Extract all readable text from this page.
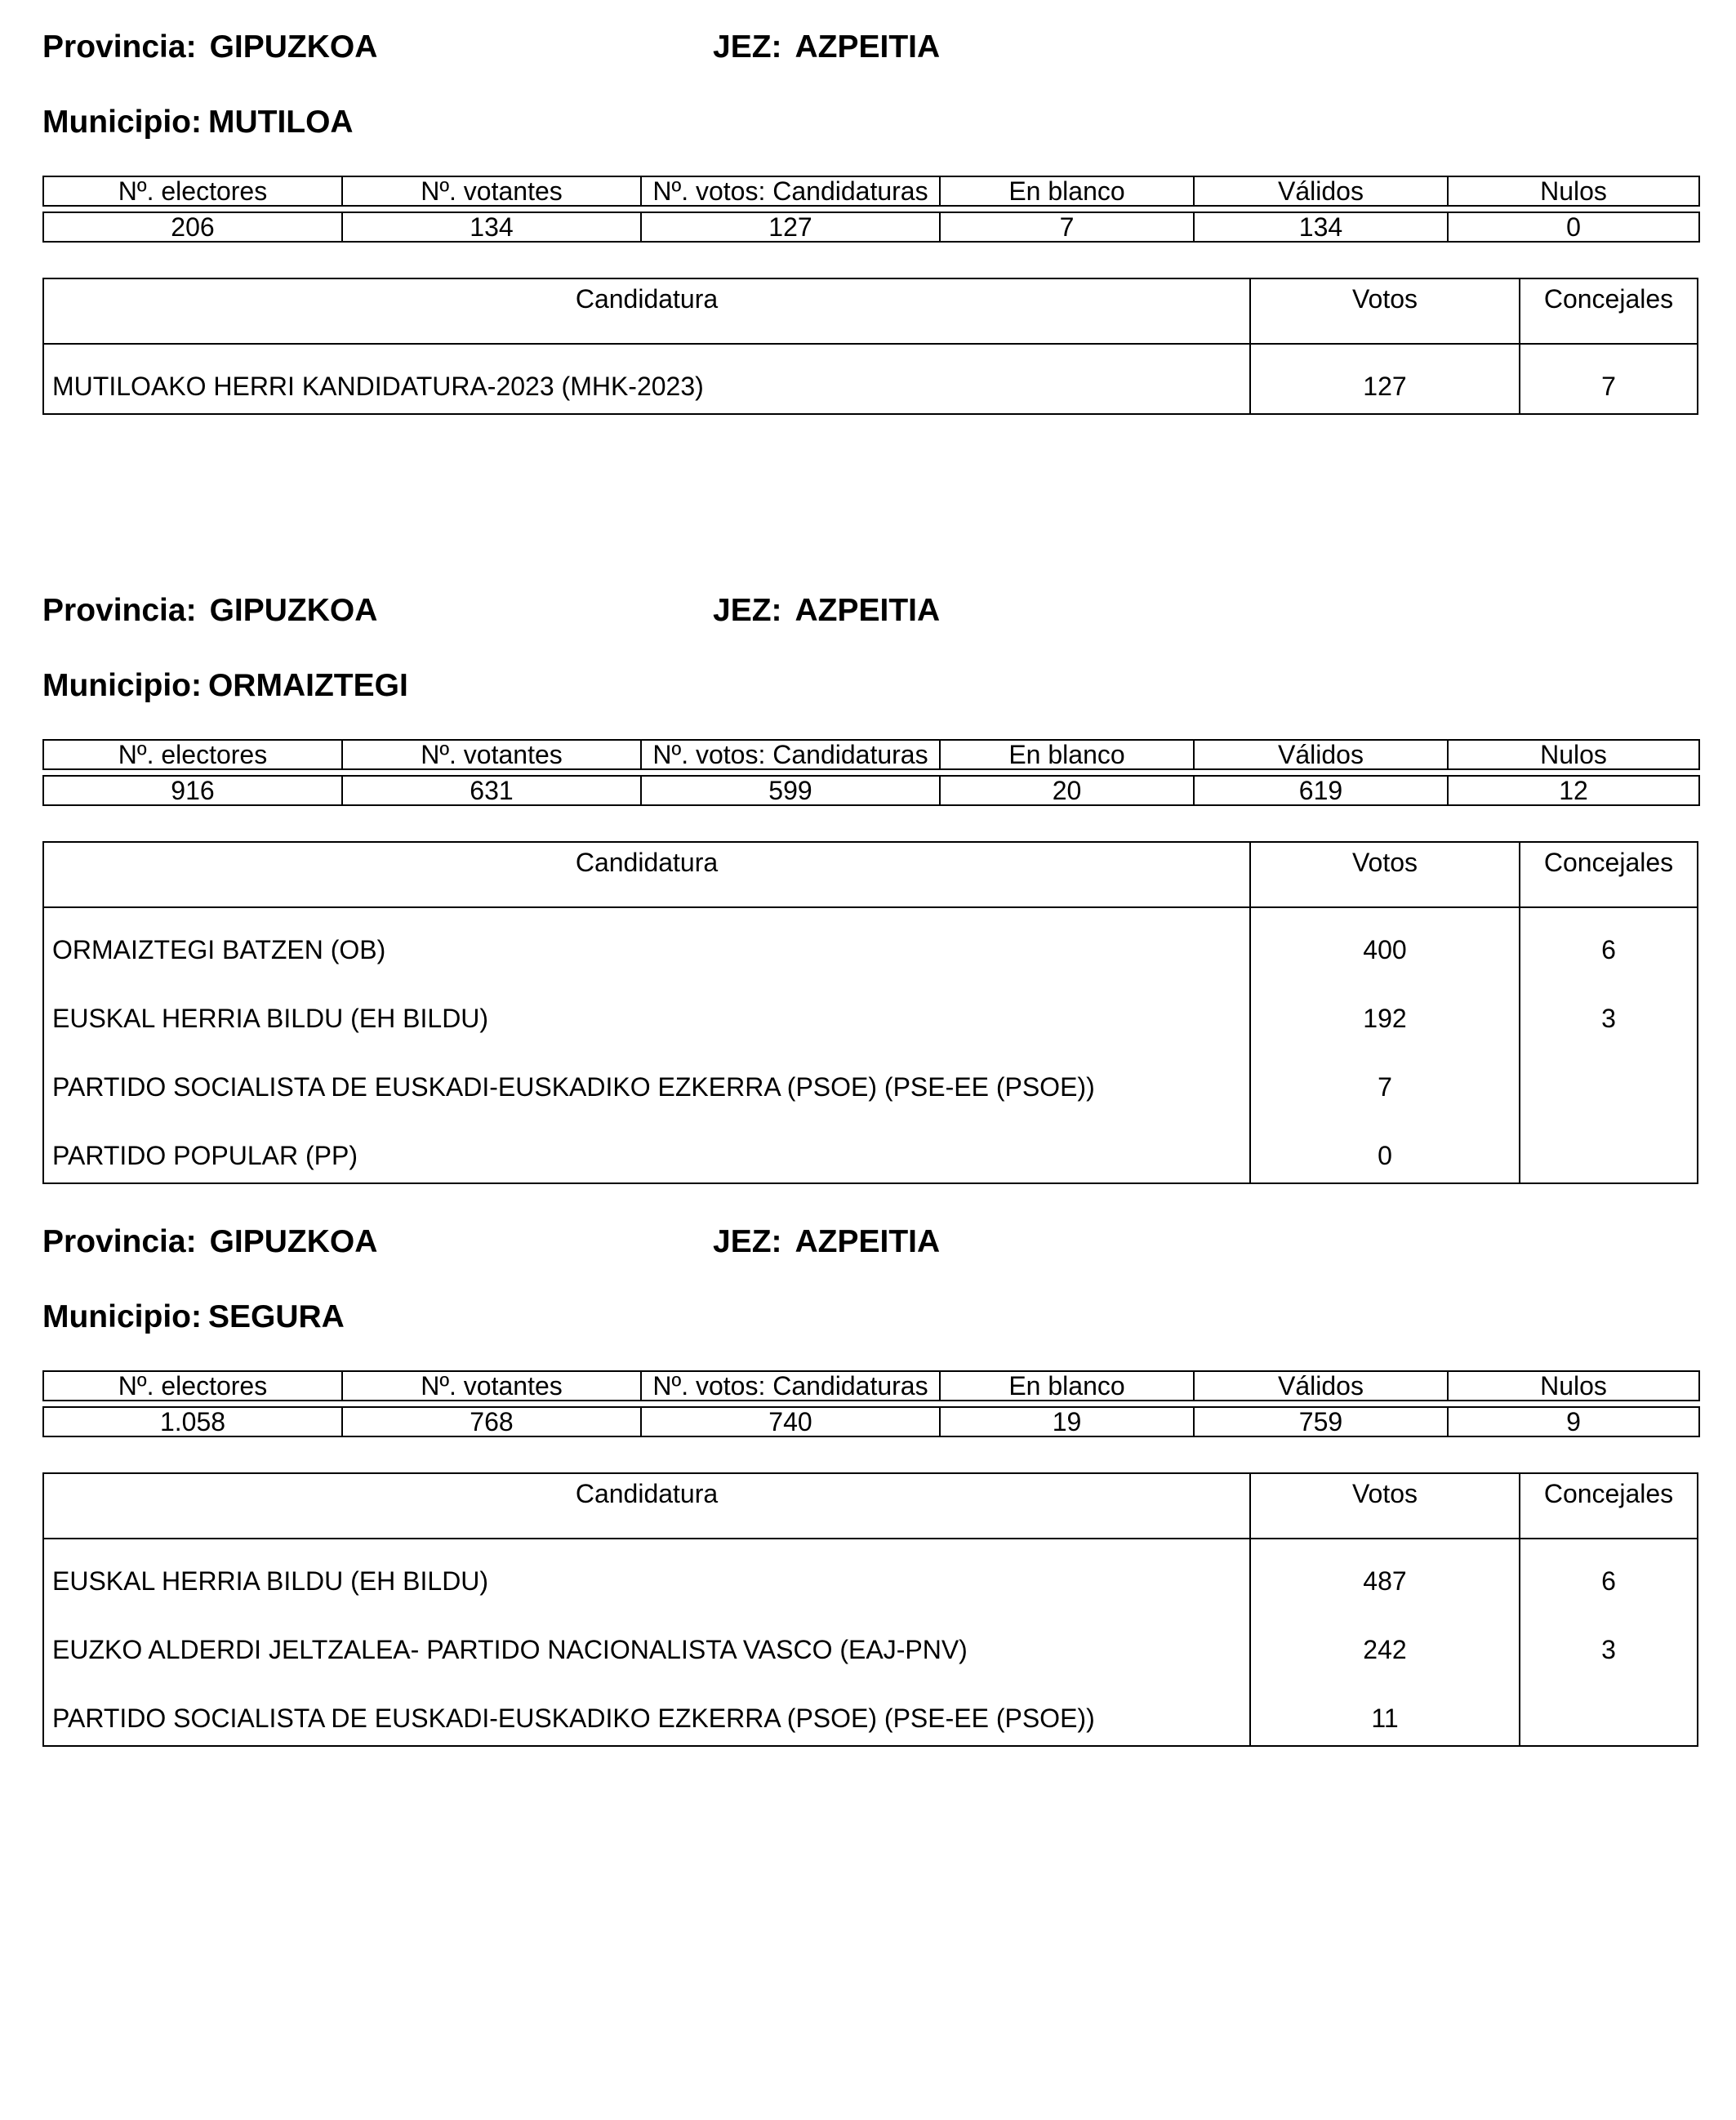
Provincia: GIPUZKOA	JEZ: AZPEITIA
Municipio: MUTILOA
Nº. electores	Nº. votantes	Nº. votos: Candidaturas	En blanco	Válidos	Nulos

206	134	127	7	134	0
Candidatura	Votos	Concejales
MUTILOAKO HERRI KANDIDATURA-2023 (MHK-2023)	127	7
Provincia: GIPUZKOA	JEZ: AZPEITIA
Municipio: ORMAIZTEGI
Nº. electores	Nº. votantes	Nº. votos: Candidaturas	En blanco	Válidos	Nulos

916	631	599	20	619	12
Candidatura	Votos	Concejales
ORMAIZTEGI BATZEN (OB)	400	6
EUSKAL HERRIA BILDU (EH BILDU)	192	3
PARTIDO SOCIALISTA DE EUSKADI-EUSKADIKO EZKERRA (PSOE) (PSE-EE (PSOE))	7
PARTIDO POPULAR (PP)	0
Provincia: GIPUZKOA	JEZ: AZPEITIA
Municipio: SEGURA
Nº. electores	Nº. votantes	Nº. votos: Candidaturas	En blanco	Válidos	Nulos

1.058	768	740	19	759	9
Candidatura	Votos	Concejales
EUSKAL HERRIA BILDU (EH BILDU)	487	6
EUZKO ALDERDI JELTZALEA- PARTIDO NACIONALISTA VASCO (EAJ-PNV)	242	3
PARTIDO SOCIALISTA DE EUSKADI-EUSKADIKO EZKERRA (PSOE) (PSE-EE (PSOE))	11
